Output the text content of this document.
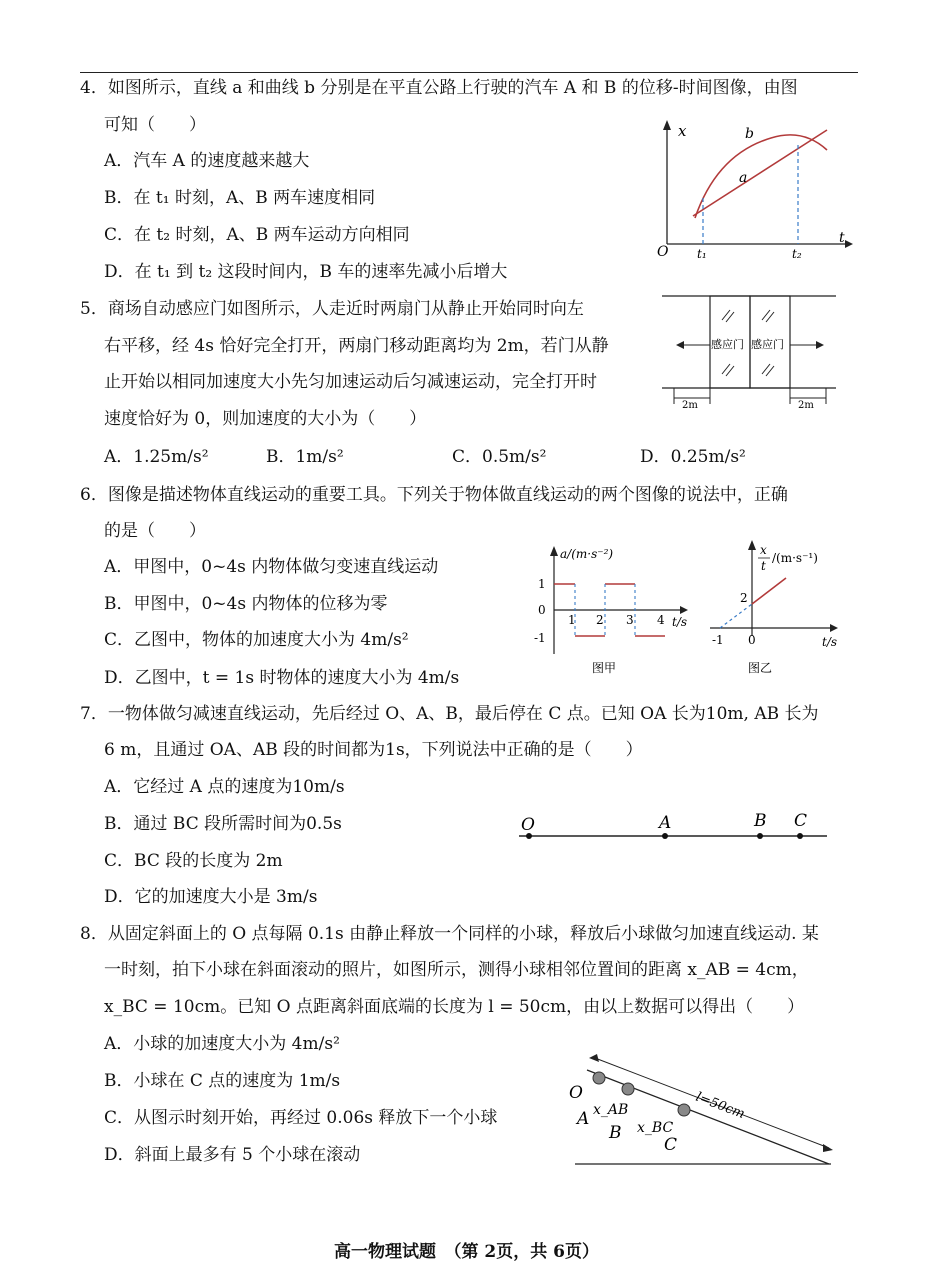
4．如图所示，直线 a 和曲线 b 分别是在平直公路上行驶的汽车 A 和 B 的位移-时间图像，由图
可知（　　）
A．汽车 A 的速度越来越大
B．在 t₁ 时刻，A、B 两车速度相同
C．在 t₂ 时刻，A、B 两车运动方向相同
D．在 t₁ 到 t₂ 这段时间内，B 车的速率先减小后增大
x
t
O
a
b
t₁	t₂
5．商场自动感应门如图所示，人走近时两扇门从静止开始同时向左
右平移，经 4s 恰好完全打开，两扇门移动距离均为 2m，若门从静
止开始以相同加速度大小先匀加速运动后匀减速运动，完全打开时
速度恰好为 0，则加速度的大小为（　　）
A．1.25m/s²	B．1m/s²	C．0.5m/s²	D．0.25m/s²
感应门 感应门
2m	2m
6．图像是描述物体直线运动的重要工具。下列关于物体做直线运动的两个图像的说法中，正确
的是（　　）
A．甲图中，0~4s 内物体做匀变速直线运动
B．甲图中，0~4s 内物体的位移为零
C．乙图中，物体的加速度大小为 4m/s²
D．乙图中，t = 1s 时物体的速度大小为 4m/s
a/(m·s⁻²)
t/s
1
0
-1
1 2 3 4
图甲
x
t
/(m·s⁻¹)
t/s
2
-1 0
图乙
7．一物体做匀减速直线运动，先后经过 O、A、B，最后停在 C 点。已知 OA 长为10m, AB 长为
6 m，且通过 OA、AB 段的时间都为1s，下列说法中正确的是（　　）
A．它经过 A 点的速度为10m/s
B．通过 BC 段所需时间为0.5s
C．BC 段的长度为 2m
D．它的加速度大小是 3m/s
O	A	B C
8．从固定斜面上的 O 点每隔 0.1s 由静止释放一个同样的小球，释放后小球做匀加速直线运动. 某
一时刻，拍下小球在斜面滚动的照片，如图所示，测得小球相邻位置间的距离 x_AB = 4cm，
x_BC = 10cm。已知 O 点距离斜面底端的长度为 l = 50cm，由以上数据可以得出（　　）
A．小球的加速度大小为 4m/s²
B．小球在 C 点的速度为 1m/s
C．从图示时刻开始，再经过 0.06s 释放下一个小球
D．斜面上最多有 5 个小球在滚动
l=50cm
O
A
B
C
x_AB
x_BC
高一物理试题　（第 2页，共 6页）
